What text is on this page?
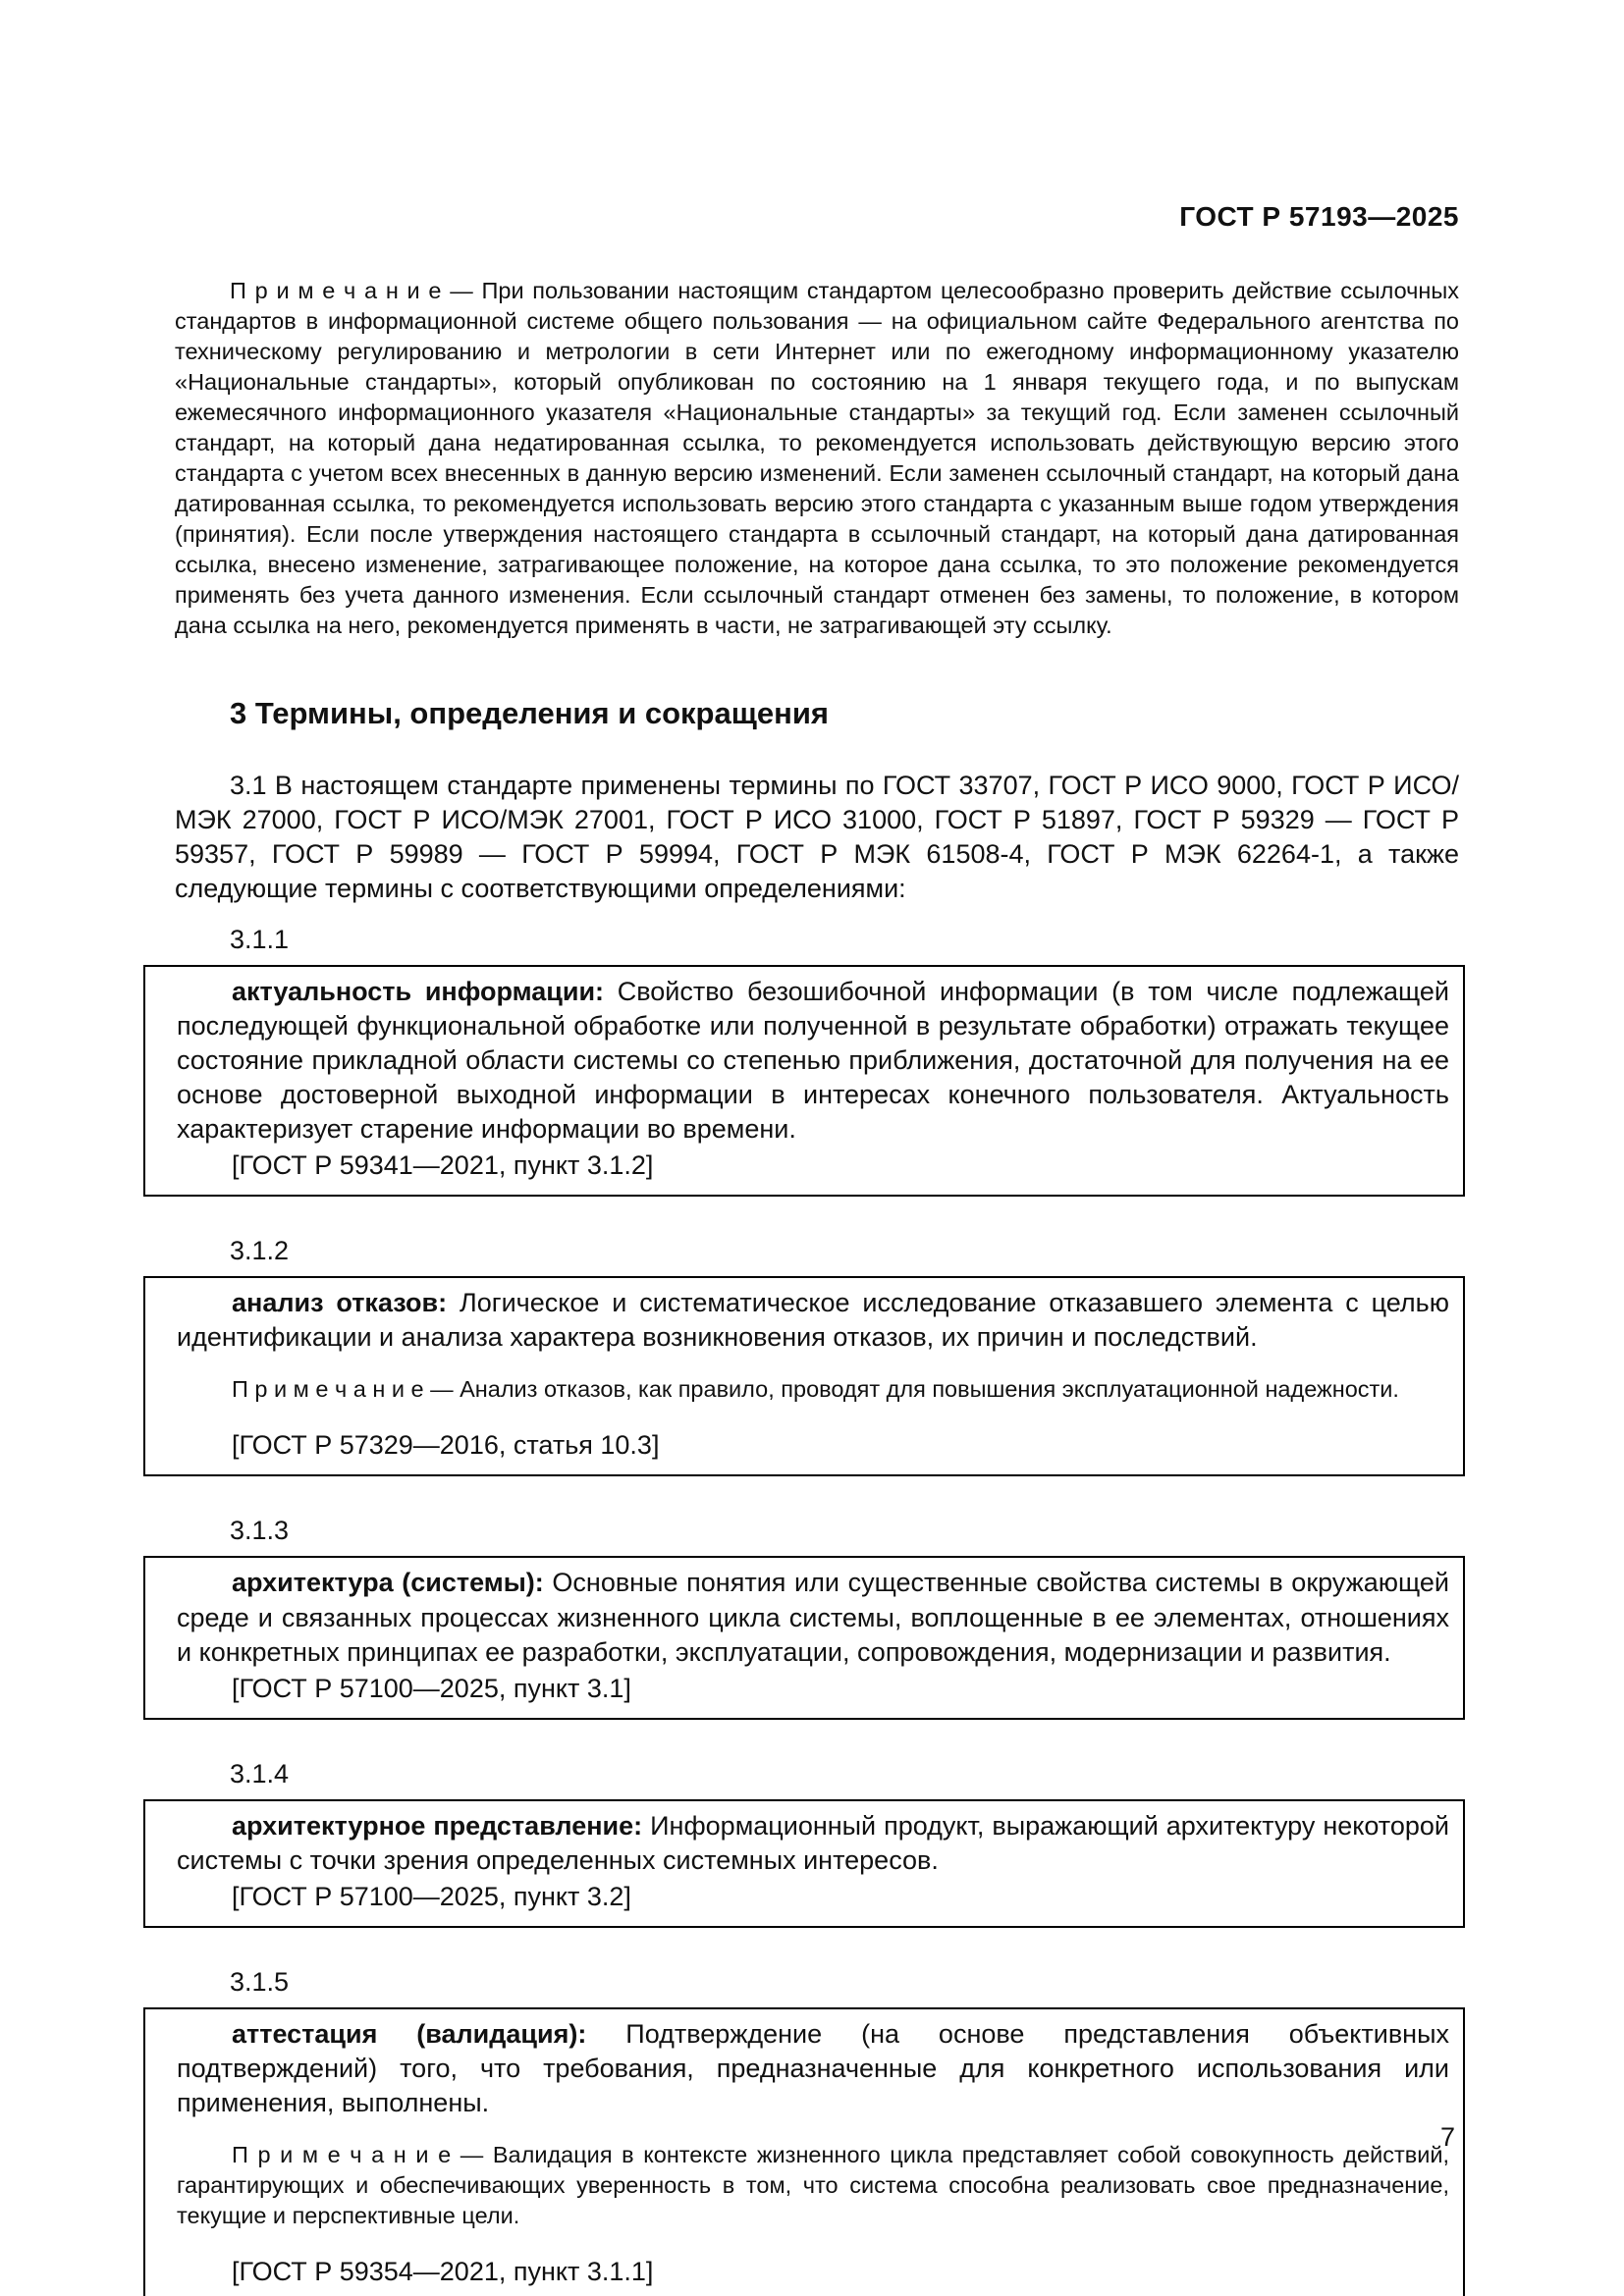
ГОСТ Р 57193—2025

П р и м е ч а н и е — При пользовании настоящим стандартом целесообразно проверить действие ссылочных стандартов в информационной системе общего пользования — на официальном сайте Федерального агентства по техническому регулированию и метрологии в сети Интернет или по ежегодному информационному указателю «Национальные стандарты», который опубликован по состоянию на 1 января текущего года, и по выпускам ежемесячного информационного указателя «Национальные стандарты» за текущий год. Если заменен ссылочный стандарт, на который дана недатированная ссылка, то рекомендуется использовать действующую версию этого стандарта с учетом всех внесенных в данную версию изменений. Если заменен ссылочный стандарт, на который дана датированная ссылка, то рекомендуется использовать версию этого стандарта с указанным выше годом утверждения (принятия). Если после утверждения настоящего стандарта в ссылочный стандарт, на который дана датированная ссылка, внесено изменение, затрагивающее положение, на которое дана ссылка, то это положение рекомендуется применять без учета данного изменения. Если ссылочный стандарт отменен без замены, то положение, в котором дана ссылка на него, рекомендуется применять в части, не затрагивающей эту ссылку.

3 Термины, определения и сокращения

3.1 В настоящем стандарте применены термины по ГОСТ 33707, ГОСТ Р ИСО 9000, ГОСТ Р ИСО/МЭК 27000, ГОСТ Р ИСО/МЭК 27001, ГОСТ Р ИСО 31000, ГОСТ Р 51897, ГОСТ Р 59329 — ГОСТ Р 59357, ГОСТ Р 59989 — ГОСТ Р 59994, ГОСТ Р МЭК 61508-4, ГОСТ Р МЭК 62264-1, а также следующие термины с соответствующими определениями:

3.1.1

актуальность информации: Свойство безошибочной информации (в том числе подлежащей последующей функциональной обработке или полученной в результате обработки) отражать текущее состояние прикладной области системы со степенью приближения, достаточной для получения на ее основе достоверной выходной информации в интересах конечного пользователя. Актуальность характеризует старение информации во времени.

[ГОСТ Р 59341—2021, пункт 3.1.2]

3.1.2

анализ отказов: Логическое и систематическое исследование отказавшего элемента с целью идентификации и анализа характера возникновения отказов, их причин и последствий.

П р и м е ч а н и е — Анализ отказов, как правило, проводят для повышения эксплуатационной надежности.

[ГОСТ Р 57329—2016, статья 10.3]

3.1.3

архитектура (системы): Основные понятия или существенные свойства системы в окружающей среде и связанных процессах жизненного цикла системы, воплощенные в ее элементах, отношениях и конкретных принципах ее разработки, эксплуатации, сопровождения, модернизации и развития.

[ГОСТ Р 57100—2025, пункт 3.1]

3.1.4

архитектурное представление: Информационный продукт, выражающий архитектуру некоторой системы с точки зрения определенных системных интересов.

[ГОСТ Р 57100—2025, пункт 3.2]

3.1.5

аттестация (валидация): Подтверждение (на основе представления объективных подтверждений) того, что требования, предназначенные для конкретного использования или применения, выполнены.

П р и м е ч а н и е — Валидация в контексте жизненного цикла представляет собой совокупность действий, гарантирующих и обеспечивающих уверенность в том, что система способна реализовать свое предназначение, текущие и перспективные цели.

[ГОСТ Р 59354—2021, пункт 3.1.1]

7
